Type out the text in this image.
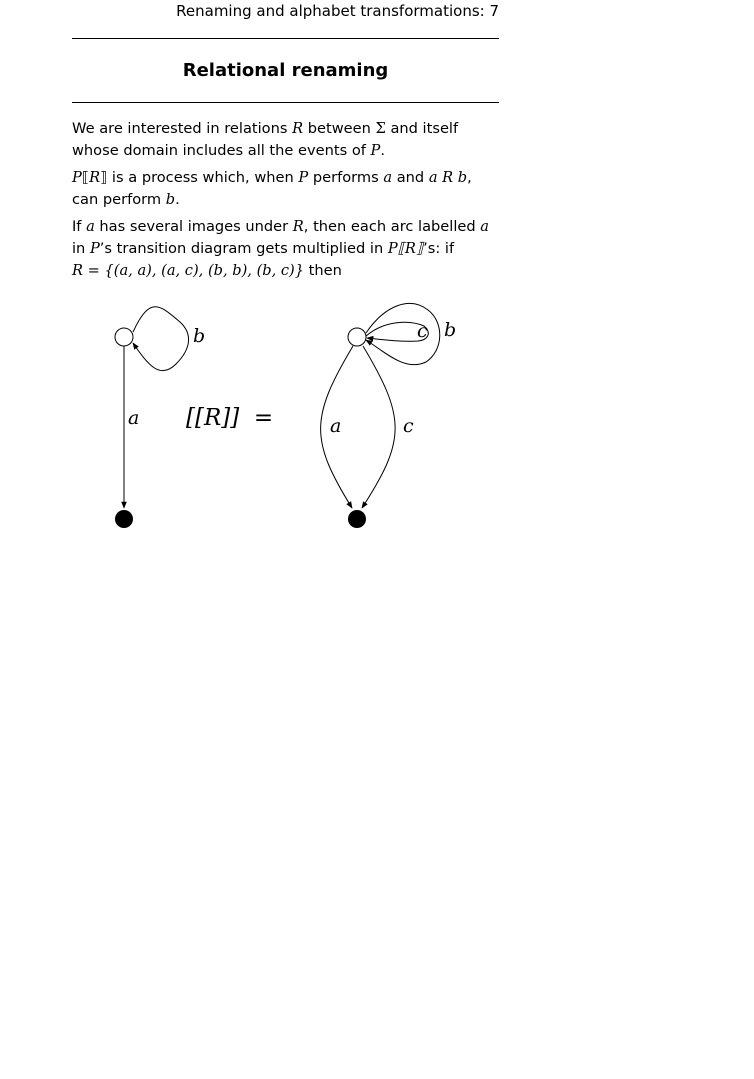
Renaming and alphabet transformations: 7
Relational renaming

We are interested in relations R between Σ and itself whose domain includes all the events of P.

P⟦R⟧ is a process which, when P performs a and a R b, can perform b.

If a has several images under R, then each arc labelled a in P’s transition diagram gets multiplied in P⟦R⟧’s: if
R = {(a, a), (a, c), (b, b), (b, c)} then

a
b
[[R]]  =	a	c
c b
